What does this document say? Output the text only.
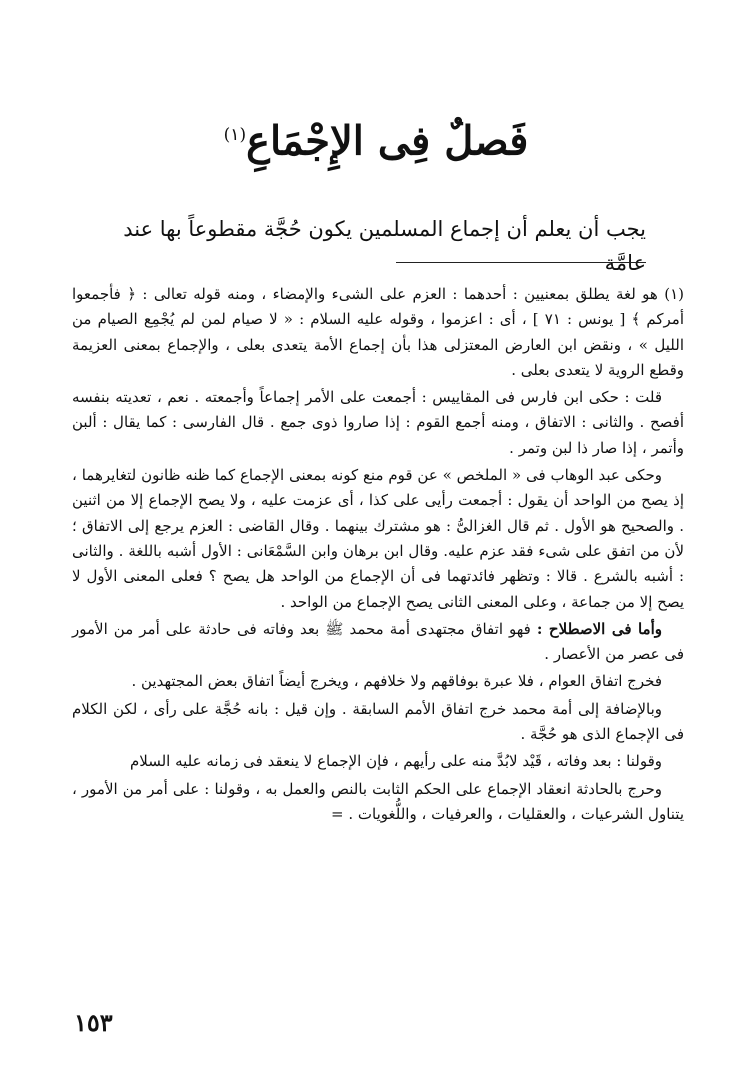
فَصلٌ فِى الإِجْمَاعِ$^{(١)}$
يجب أن يعلم أن إجماع المسلمين يكون حُجَّة مقطوعاً بها عند عامَّة

(١) هو لغة يطلق بمعنيين : أحدهما : العزم على الشىء والإمضاء ، ومنه قوله تعالى : ﴿ فأجمعوا أمركم ﴾ [ يونس : ٧١ ] ، أى : اعزموا ، وقوله عليه السلام : « لا صيام لمن لم يُجْمِع الصيام من الليل » ، ونقض ابن العارض المعتزلى هذا بأن إجماع الأمة يتعدى بعلى ، والإجماع بمعنى العزيمة وقطع الروية لا يتعدى بعلى .

قلت : حكى ابن فارس فى المقاييس : أجمعت على الأمر إجماعاً وأجمعته . نعم ، تعديته بنفسه أفصح . والثانى : الاتفاق ، ومنه أجمع القوم : إذا صاروا ذوى جمع . قال الفارسى : كما يقال : ألبن وأتمر ، إذا صار ذا لبن وتمر .

وحكى عبد الوهاب فى « الملخص » عن قوم منع كونه بمعنى الإجماع كما ظنه ظانون لتغايرهما ، إذ يصح من الواحد أن يقول : أجمعت رأيى على كذا ، أى عزمت عليه ، ولا يصح الإجماع إلا من اثنين . والصحيح هو الأول . ثم قال الغزالىُّ : هو مشترك بينهما . وقال القاضى : العزم يرجع إلى الاتفاق ؛ لأن من اتفق على شىء فقد عزم عليه. وقال ابن برهان وابن السَّمْعَانى : الأول أشبه باللغة . والثانى : أشبه بالشرع . قالا : وتظهر فائدتهما فى أن الإجماع من الواحد هل يصح ؟ فعلى المعنى الأول لا يصح إلا من جماعة ، وعلى المعنى الثانى يصح الإجماع من الواحد .

وأما فى الاصطلاح : فهو اتفاق مجتهدى أمة محمد ﷺ بعد وفاته فى حادثة على أمر من الأمور فى عصر من الأعصار .

فخرج اتفاق العوام ، فلا عبرة بوفاقهم ولا خلافهم ، ويخرج أيضاً اتفاق بعض المجتهدين .

وبالإضافة إلى أمة محمد خرج اتفاق الأمم السابقة . وإن قيل : بانه حُجَّة على رأى ، لكن الكلام فى الإجماع الذى هو حُجَّة .

وقولنا : بعد وفاته ، قَيْد لابُدَّ منه على رأيهم ، فإن الإجماع لا ينعقد فى زمانه عليه السلام

وحرج بالحادثة انعقاد الإجماع على الحكم الثابت بالنص والعمل به ، وقولنا : على أمر من الأمور ، يتناول الشرعيات ، والعقليات ، والعرفيات ، واللُّغويات . =

١٥٣
